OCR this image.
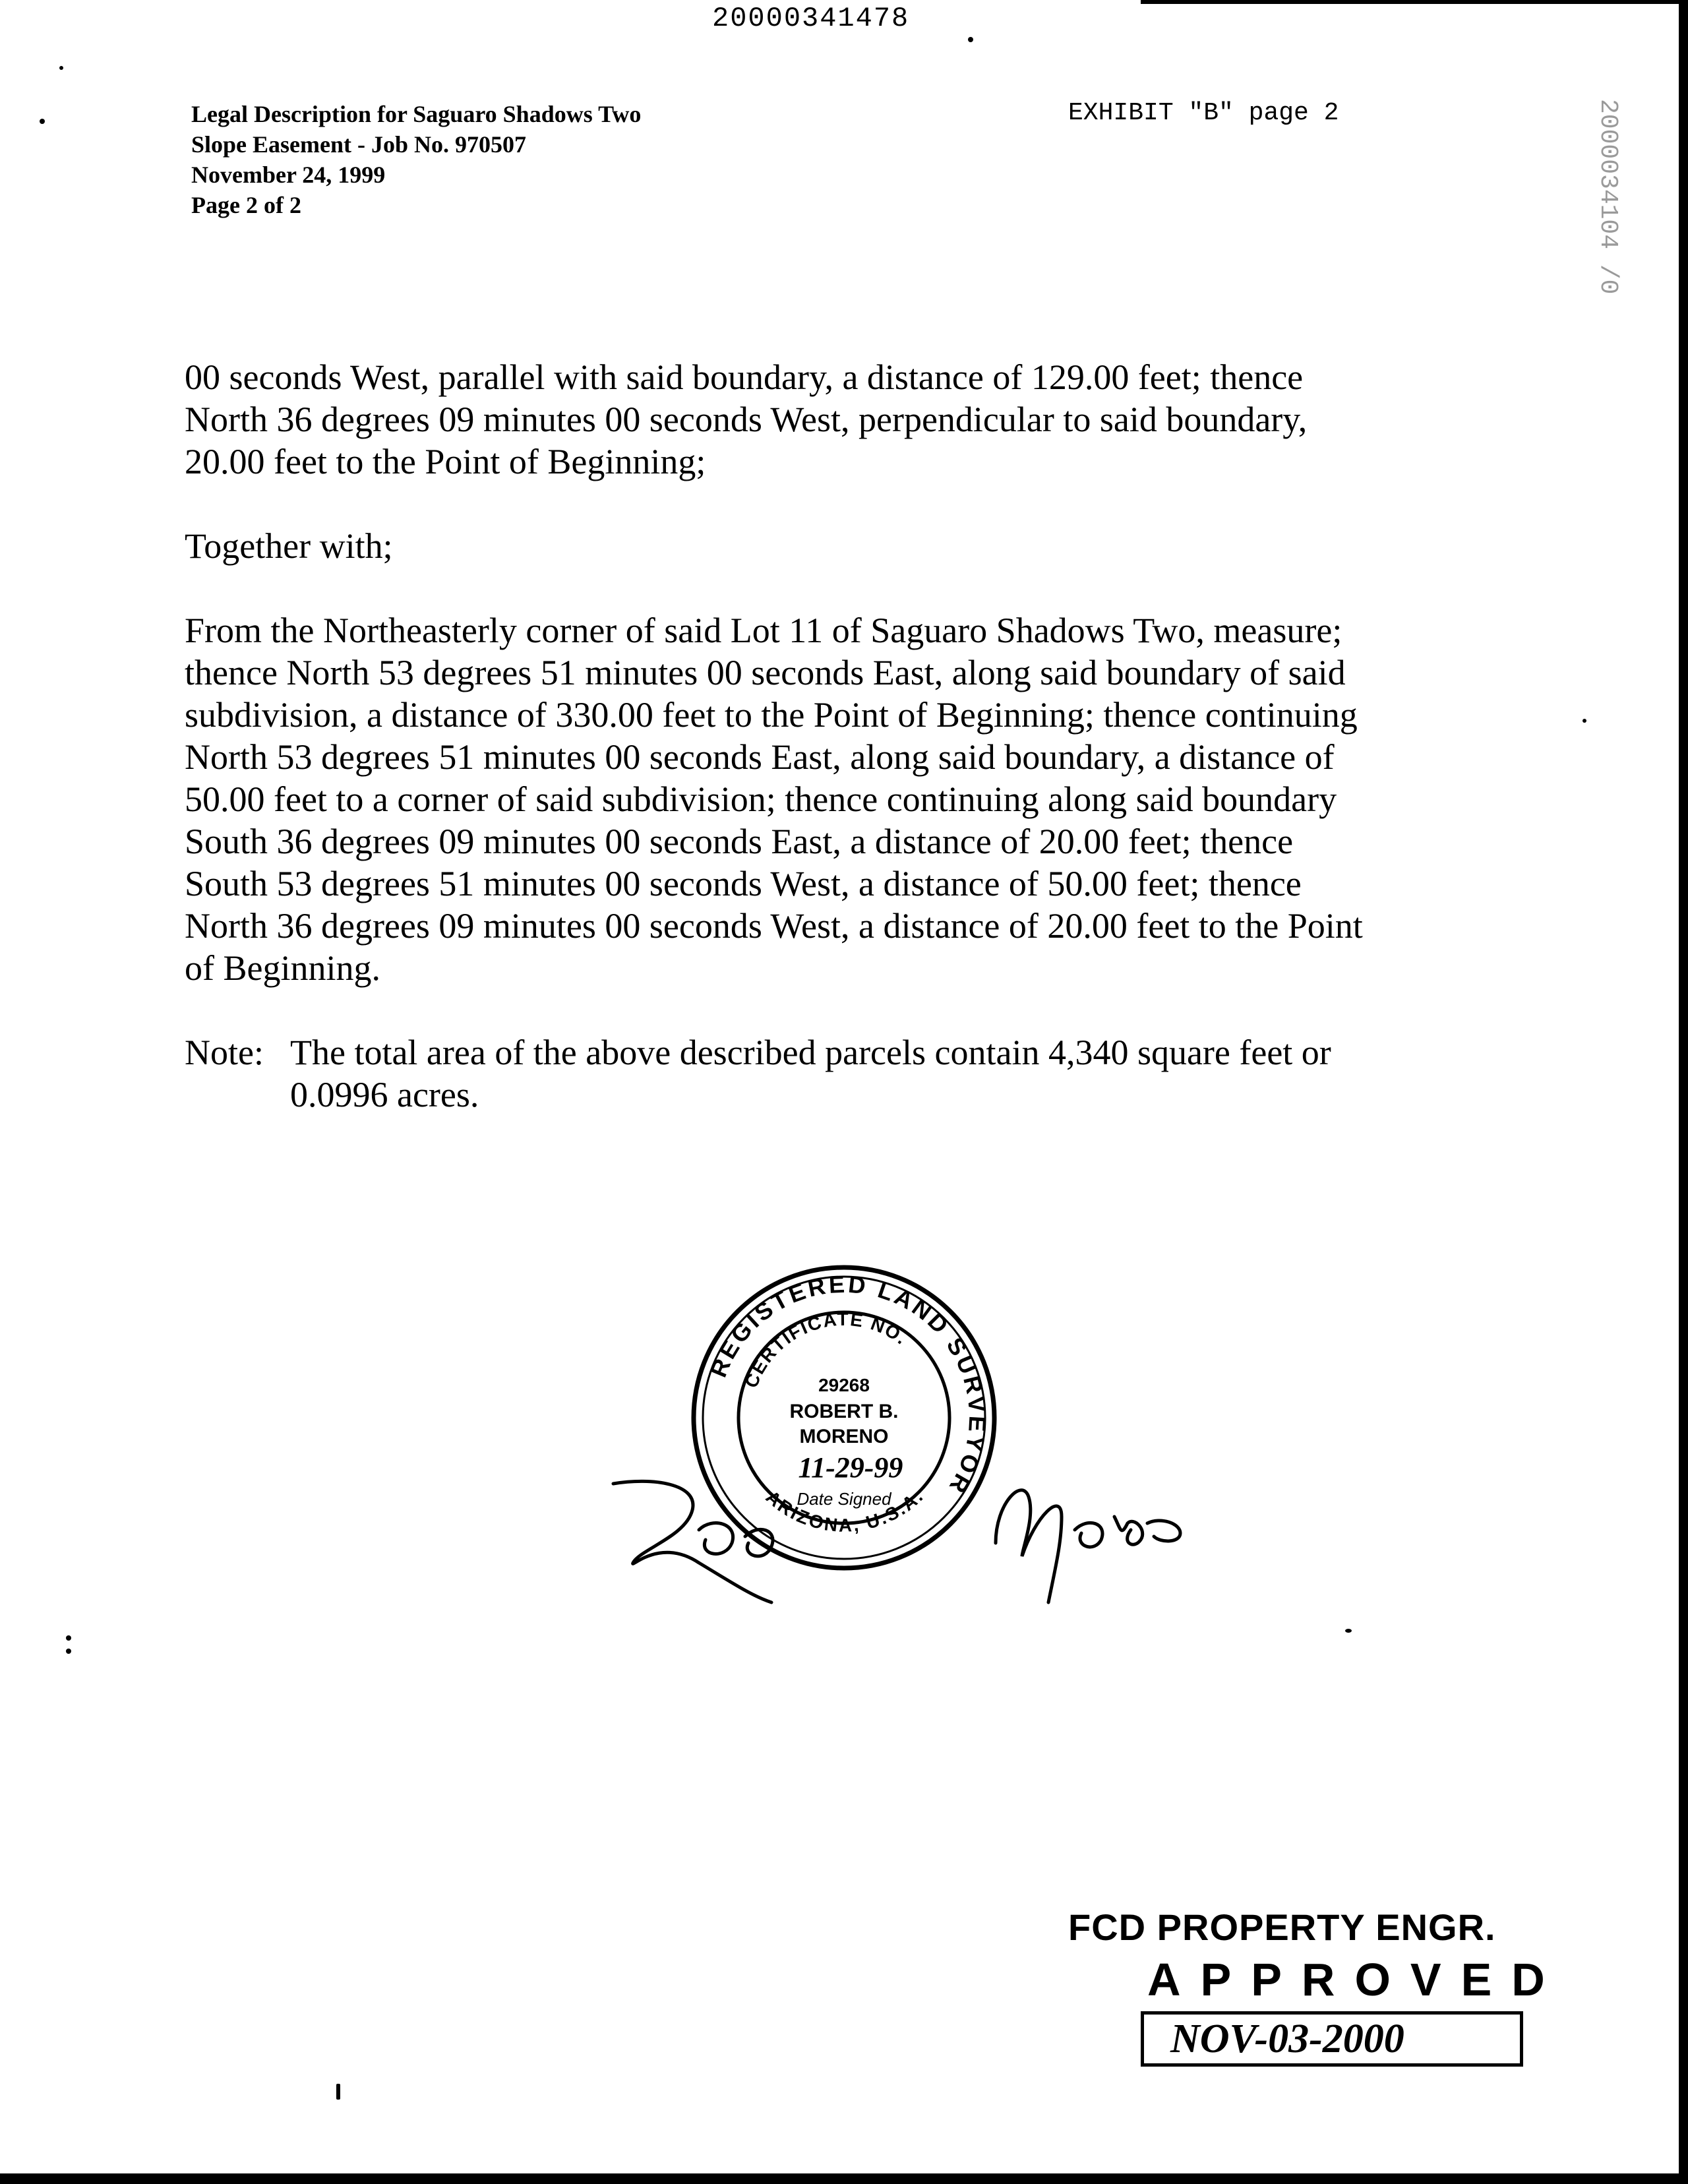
20000341478
Legal Description for Saguaro Shadows Two
Slope Easement - Job No. 970507
November 24, 1999
Page 2 of 2
EXHIBIT "B" page 2	2000034104 /0
00 seconds West, parallel with said boundary, a distance of 129.00 feet; thence
North 36 degrees 09 minutes 00 seconds West, perpendicular to said boundary,
20.00 feet to the Point of Beginning;
Together with;
From the Northeasterly corner of said Lot 11 of Saguaro Shadows Two, measure;
thence North 53 degrees 51 minutes 00 seconds East, along said boundary of said
subdivision, a distance of 330.00 feet to the Point of Beginning; thence continuing
North 53 degrees 51 minutes 00 seconds East, along said boundary, a distance of
50.00 feet to a corner of said subdivision; thence continuing along said boundary
South 36 degrees 09 minutes 00 seconds East, a distance of 20.00 feet; thence
South 53 degrees 51 minutes 00 seconds West, a distance of 50.00 feet; thence
North 36 degrees 09 minutes 00 seconds West, a distance of 20.00 feet to the Point
of Beginning.
Note: The total area of the above described parcels contain 4,340 square feet or
0.0996 acres.
REGISTERED LAND SURVEYOR
CERTIFICATE NO.
29268
ROBERT B.
MORENO
11-29-99
Date Signed
ARIZONA, U.S.A.
FCD PROPERTY ENGR.
APPROVED
NOV-03-2000
